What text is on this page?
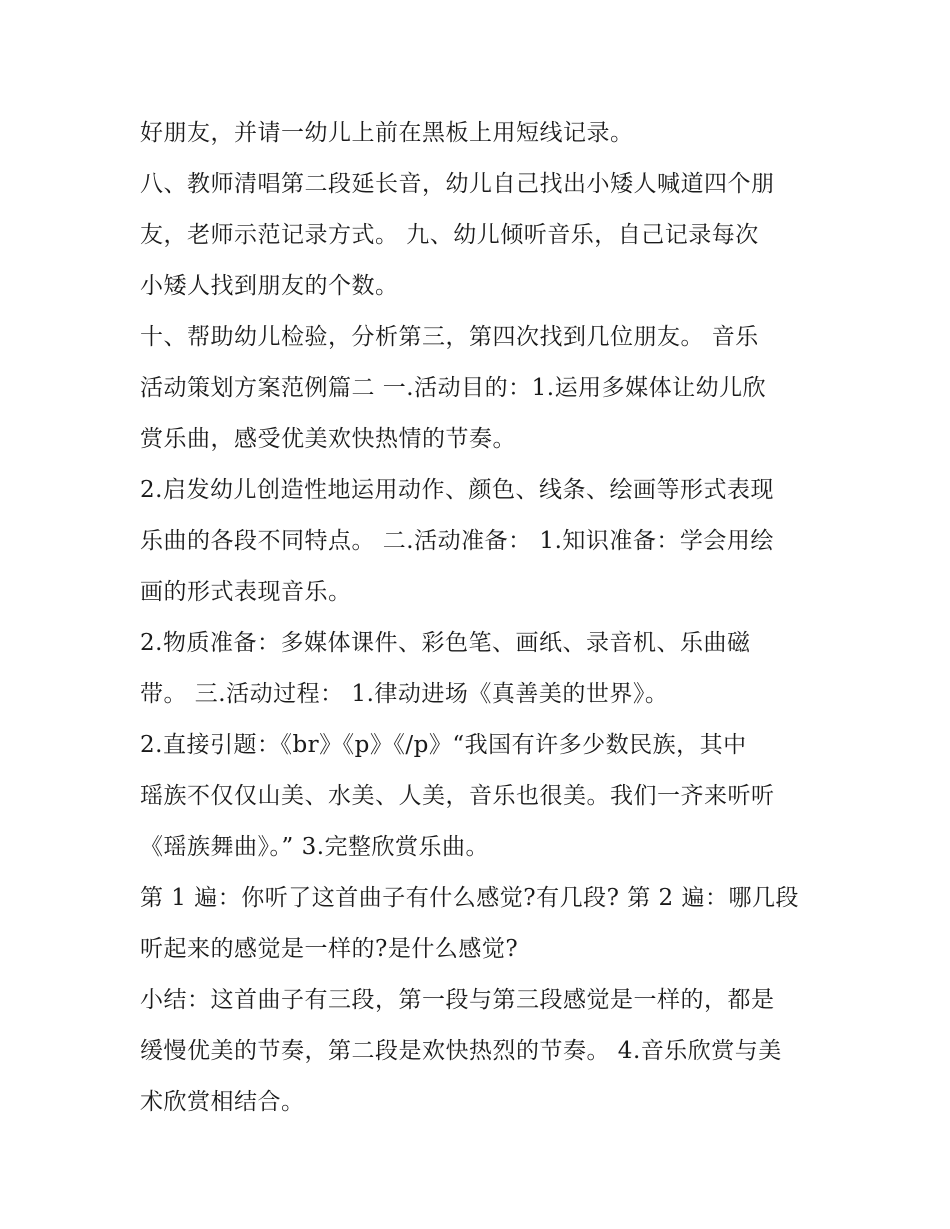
好朋友，并请一幼儿上前在黑板上用短线记录。
八、教师清唱第二段延长音，幼儿自己找出小矮人喊道四个朋
友，老师示范记录方式。 九、幼儿倾听音乐，自己记录每次
小矮人找到朋友的个数。
十、帮助幼儿检验，分析第三，第四次找到几位朋友。 音乐
活动策划方案范例篇二 一.活动目的：1.运用多媒体让幼儿欣
赏乐曲，感受优美欢快热情的节奏。
2.启发幼儿创造性地运用动作、颜色、线条、绘画等形式表现
乐曲的各段不同特点。 二.活动准备： 1.知识准备：学会用绘
画的形式表现音乐。
2.物质准备：多媒体课件、彩色笔、画纸、录音机、乐曲磁
带。 三.活动过程： 1.律动进场《真善美的世界》。
2.直接引题：《br》《p》《/p》“我国有许多少数民族，其中
瑶族不仅仅山美、水美、人美，音乐也很美。我们一齐来听听
《瑶族舞曲》。” 3.完整欣赏乐曲。
第 1 遍：你听了这首曲子有什么感觉?有几段? 第 2 遍：哪几段
听起来的感觉是一样的?是什么感觉?
小结：这首曲子有三段，第一段与第三段感觉是一样的，都是
缓慢优美的节奏，第二段是欢快热烈的节奏。 4.音乐欣赏与美
术欣赏相结合。
